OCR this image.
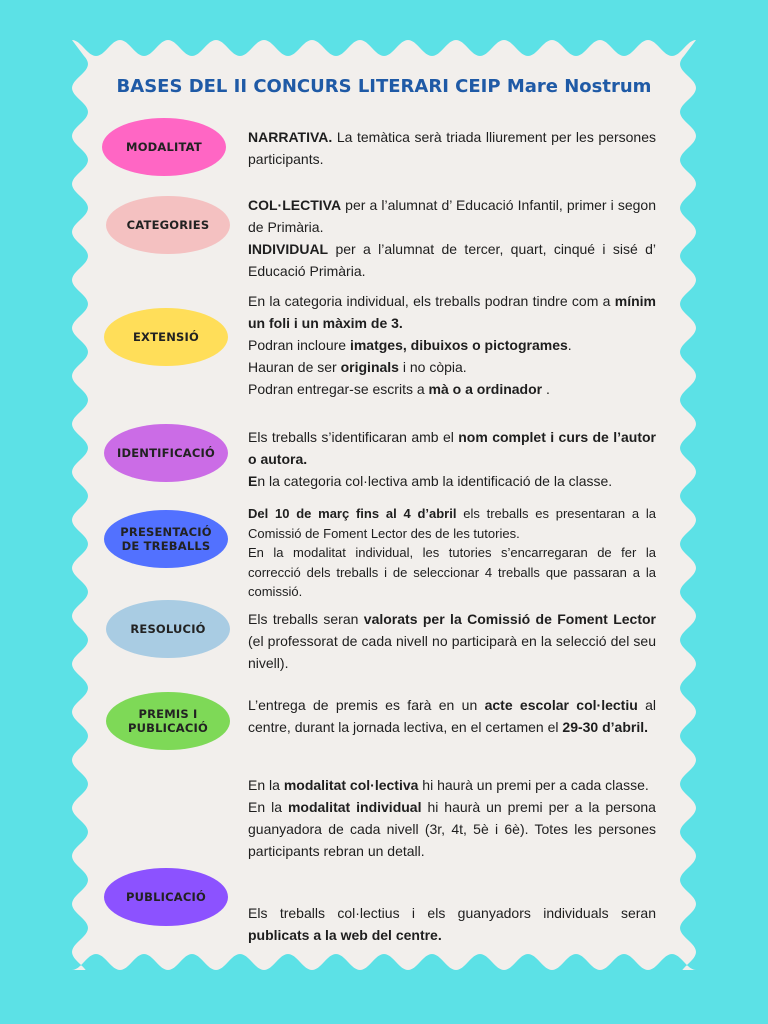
BASES DEL II CONCURS LITERARI CEIP Mare Nostrum
MODALITAT

NARRATIVA. La temàtica serà triada lliurement per les persones participants.

CATEGORIES

COL·LECTIVA per a l’alumnat d’ Educació Infantil, primer i segon de Primària.

INDIVIDUAL per a l’alumnat de tercer, quart, cinqué i sisé d’ Educació Primària.

EXTENSIÓ

En la categoria individual, els treballs podran tindre com a mínim un foli i un màxim de 3.

Podran incloure imatges, dibuixos o pictogrames.

Hauran de ser originals i no còpia.

Podran entregar-se escrits a mà o a ordinador .

IDENTIFICACIÓ

Els treballs s’identificaran amb el nom complet i curs de l’autor o autora.

En la categoria col·lectiva amb la identificació de la classe.

PRESENTACIÓ
DE TREBALLS

Del 10 de març fins al 4 d’abril els treballs es presentaran a la Comissió de Foment Lector des de les tutories.

En la modalitat individual, les tutories s’encarregaran de fer la correcció dels treballs i de seleccionar 4 treballs que passaran a la comissió.

RESOLUCIÓ

Els treballs seran valorats per la Comissió de Foment Lector (el professorat de cada nivell no participarà en la selecció del seu nivell).

PREMIS I
PUBLICACIÓ

L’entrega de premis es farà en un acte escolar col·lectiu al centre, durant la jornada lectiva, en el certamen el 29-30 d’abril.

En la modalitat col·lectiva hi haurà un premi per a cada classe.

En la modalitat individual hi haurà un premi per a la persona guanyadora de cada nivell (3r, 4t, 5è i 6è). Totes les persones participants rebran un detall.

PUBLICACIÓ

Els treballs col·lectius i els guanyadors individuals seran publicats a la web del centre.
